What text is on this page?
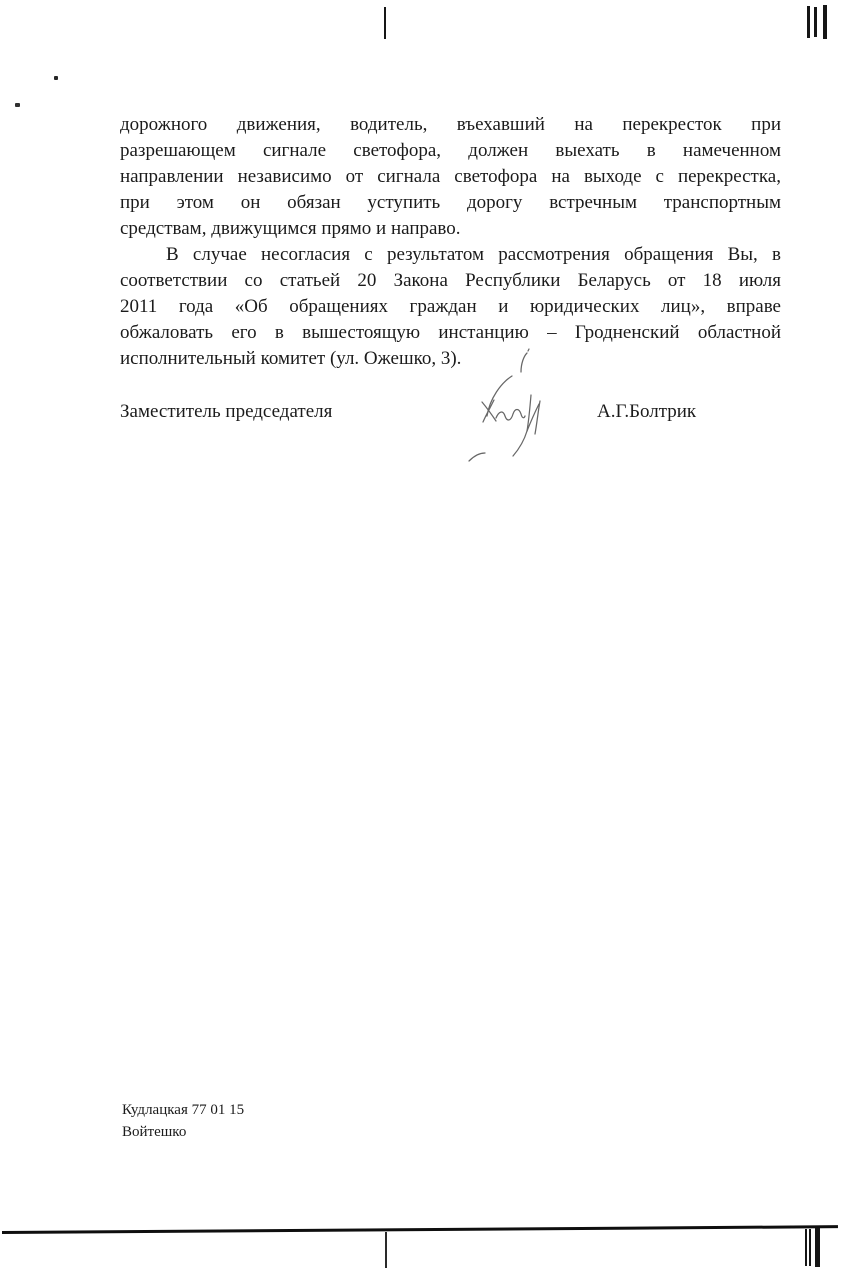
дорожного движения, водитель, въехавший на перекресток при
разрешающем сигнале светофора, должен выехать в намеченном
направлении независимо от сигнала светофора на выходе с перекрестка,
при этом он обязан уступить дорогу встречным транспортным
средствам, движущимся прямо и направо.
В случае несогласия с результатом рассмотрения обращения Вы, в
соответствии со статьей 20 Закона Республики Беларусь от 18 июля
2011 года «Об обращениях граждан и юридических лиц», вправе
обжаловать его в вышестоящую инстанцию – Гродненский областной
исполнительный комитет (ул. Ожешко, 3).
Заместитель председателя	А.Г.Болтрик
Кудлацкая 77 01 15
Войтешко
